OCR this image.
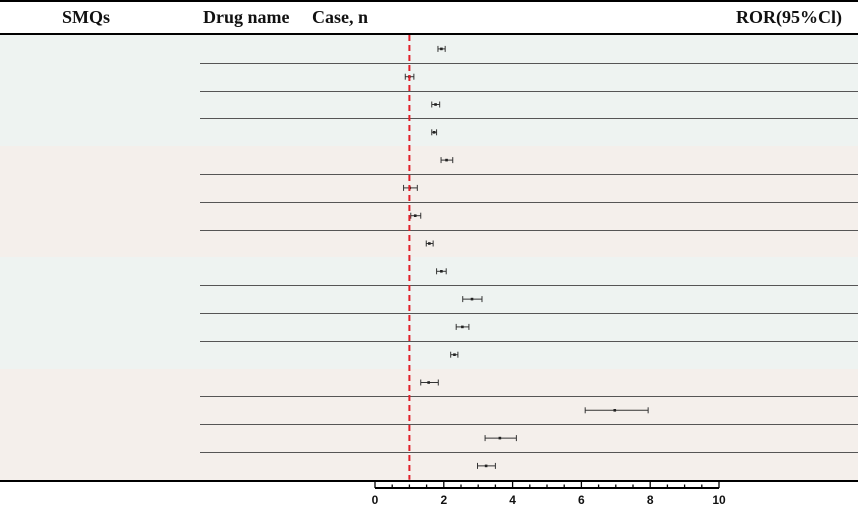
SMQs	Drug name Case, n	ROR(95%Cl)
0	2	4	6	8	10
